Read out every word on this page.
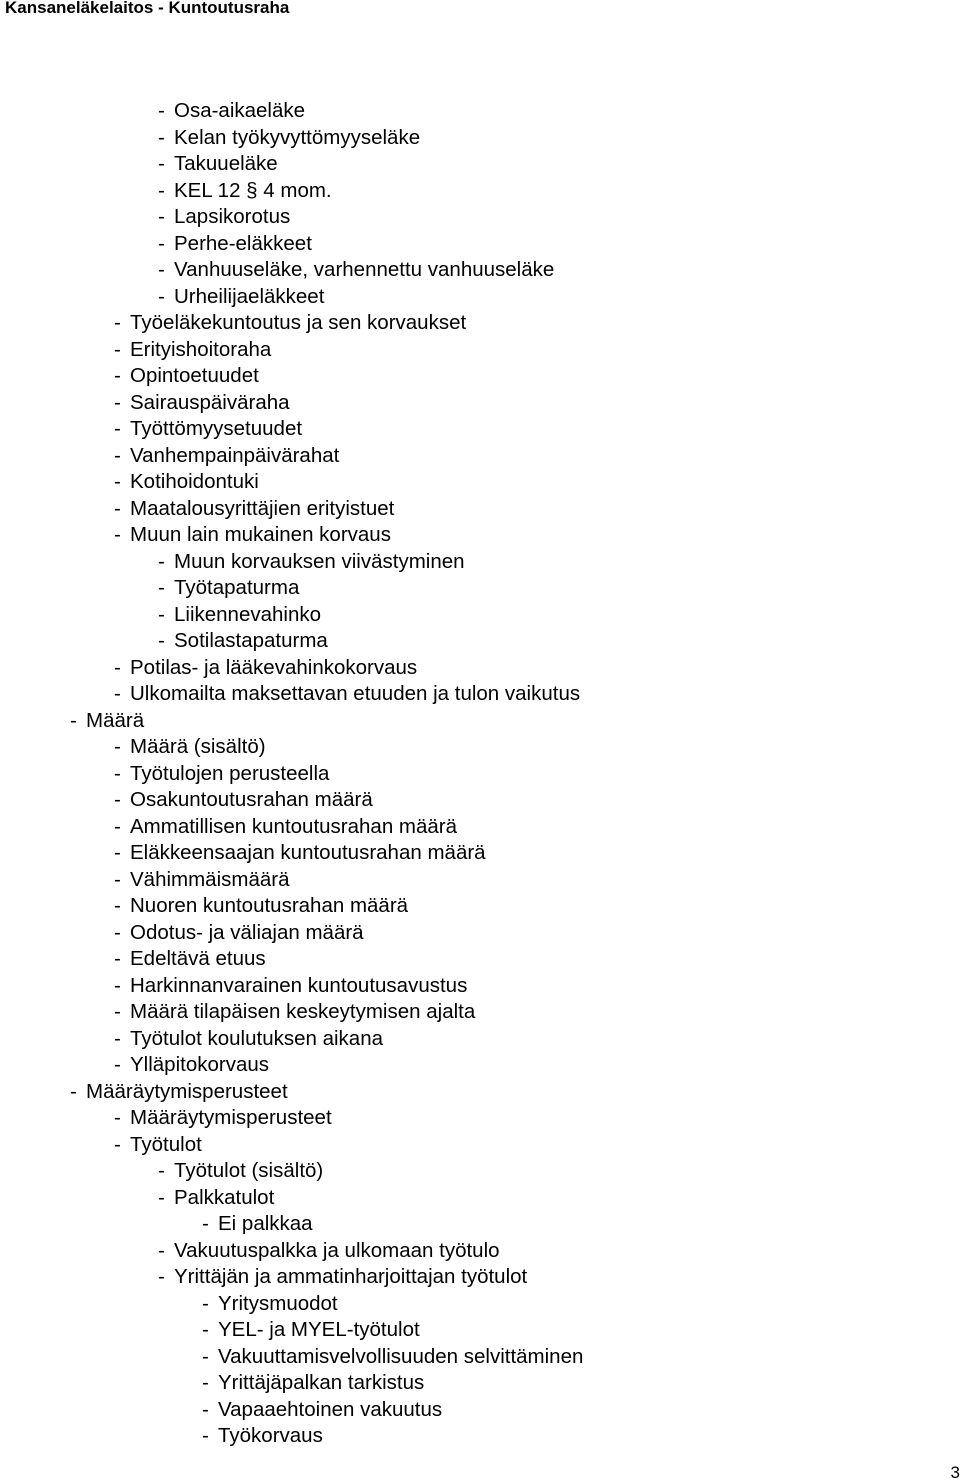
Kansaneläkelaitos - Kuntoutusraha
- Osa-aikaeläke
- Kelan työkyvyttömyyseläke
- Takuueläke
- KEL 12 § 4 mom.
- Lapsikorotus
- Perhe-eläkkeet
- Vanhuuseläke, varhennettu vanhuuseläke
- Urheilijaeläkkeet
- Työeläkekuntoutus ja sen korvaukset
- Erityishoitoraha
- Opintoetuudet
- Sairauspäiväraha
- Työttömyysetuudet
- Vanhempainpäivärahat
- Kotihoidontuki
- Maatalousyrittäjien erityistuet
- Muun lain mukainen korvaus
- Muun korvauksen viivästyminen
- Työtapaturma
- Liikennevahinko
- Sotilastapaturma
- Potilas- ja lääkevahinkokorvaus
- Ulkomailta maksettavan etuuden ja tulon vaikutus
- Määrä
- Määrä (sisältö)
- Työtulojen perusteella
- Osakuntoutusrahan määrä
- Ammatillisen kuntoutusrahan määrä
- Eläkkeensaajan kuntoutusrahan määrä
- Vähimmäismäärä
- Nuoren kuntoutusrahan määrä
- Odotus- ja väliajan määrä
- Edeltävä etuus
- Harkinnanvarainen kuntoutusavustus
- Määrä tilapäisen keskeytymisen ajalta
- Työtulot koulutuksen aikana
- Ylläpitokorvaus
- Määräytymisperusteet
- Määräytymisperusteet
- Työtulot
- Työtulot (sisältö)
- Palkkatulot
- Ei palkkaa
- Vakuutuspalkka ja ulkomaan työtulo
- Yrittäjän ja ammatinharjoittajan työtulot
- Yritysmuodot
- YEL- ja MYEL-työtulot
- Vakuuttamisvelvollisuuden selvittäminen
- Yrittäjäpalkan tarkistus
- Vapaaehtoinen vakuutus
- Työkorvaus
3
